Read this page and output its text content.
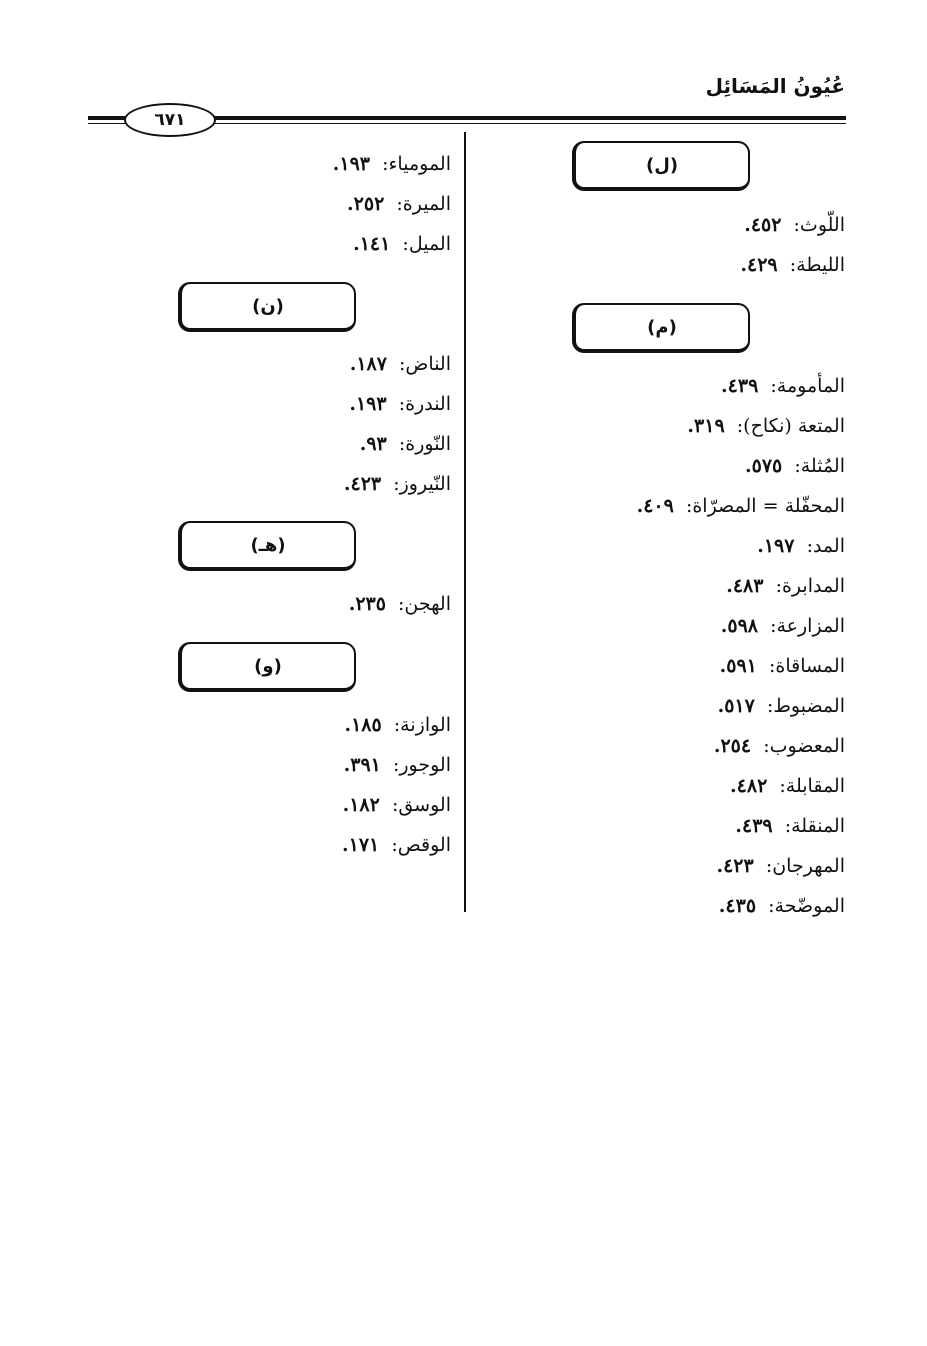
عُيُونُ المَسَائِل
٦٧١
(ل)
اللّوث:  ٤٥٢.
الليطة:  ٤٢٩.
(م)
المأمومة:  ٤٣٩.
المتعة (نكاح):  ٣١٩.
المُثلة:  ٥٧٥.
المحفّلة = المصرّاة:  ٤٠٩.
المد:  ١٩٧.
المدابرة:  ٤٨٣.
المزارعة:  ٥٩٨.
المساقاة:  ٥٩١.
المضبوط:  ٥١٧.
المعضوب:  ٢٥٤.
المقابلة:  ٤٨٢.
المنقلة:  ٤٣٩.
المهرجان:  ٤٢٣.
الموضّحة:  ٤٣٥.
المومياء:  ١٩٣.
الميرة:  ٢٥٢.
الميل:  ١٤١.
(ن)
الناض:  ١٨٧.
الندرة:  ١٩٣.
النّورة:  ٩٣.
النّيروز:  ٤٢٣.
(هـ)
الهجن:  ٢٣٥.
(و)
الوازنة:  ١٨٥.
الوجور:  ٣٩١.
الوسق:  ١٨٢.
الوقص:  ١٧١.
